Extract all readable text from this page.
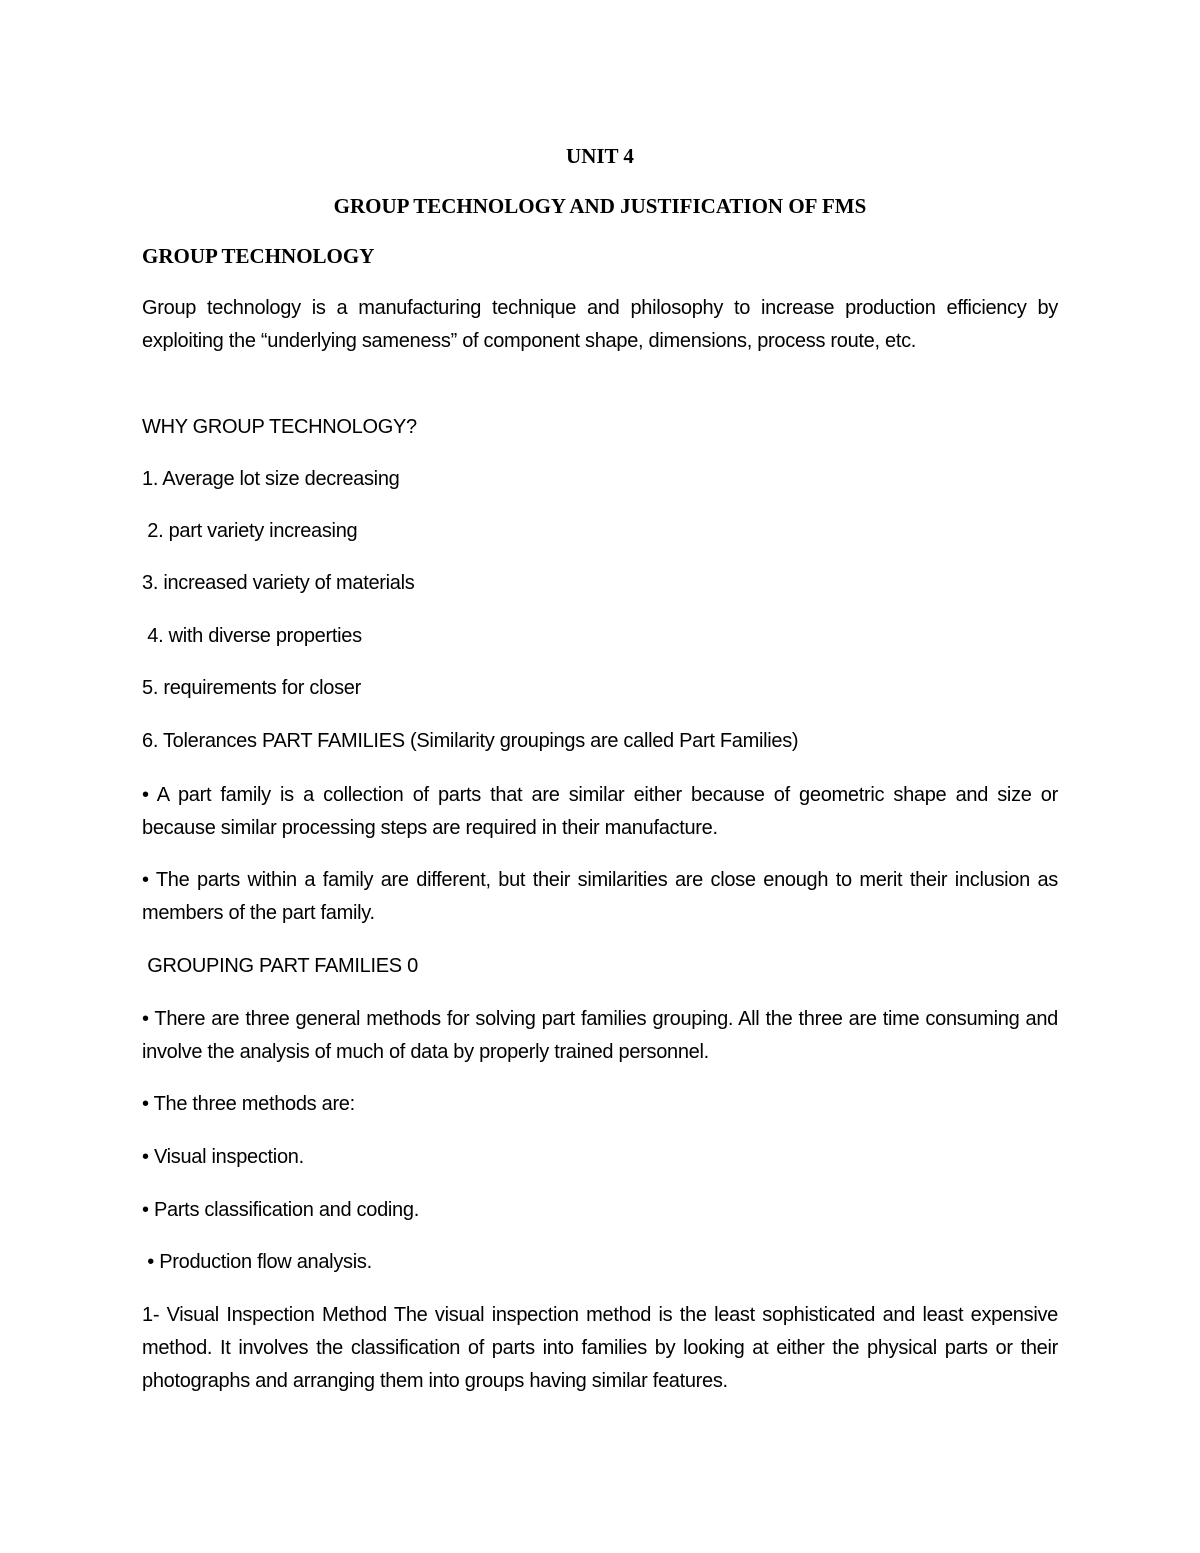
UNIT 4
GROUP TECHNOLOGY AND JUSTIFICATION OF FMS
GROUP TECHNOLOGY

Group technology is a manufacturing technique and philosophy to increase production efficiency by exploiting the “underlying sameness” of component shape, dimensions, process route, etc.

WHY GROUP TECHNOLOGY?

1. Average lot size decreasing

2. part variety increasing

3. increased variety of materials

4. with diverse properties

5. requirements for closer

6. Tolerances PART FAMILIES (Similarity groupings are called Part Families)

• A part family is a collection of parts that are similar either because of geometric shape and size or because similar processing steps are required in their manufacture.

• The parts within a family are different, but their similarities are close enough to merit their inclusion as members of the part family.

GROUPING PART FAMILIES 0

• There are three general methods for solving part families grouping. All the three are time consuming and involve the analysis of much of data by properly trained personnel.

• The three methods are:

• Visual inspection.

• Parts classification and coding.

• Production flow analysis.

1- Visual Inspection Method The visual inspection method is the least sophisticated and least expensive method. It involves the classification of parts into families by looking at either the physical parts or their photographs and arranging them into groups having similar features.
